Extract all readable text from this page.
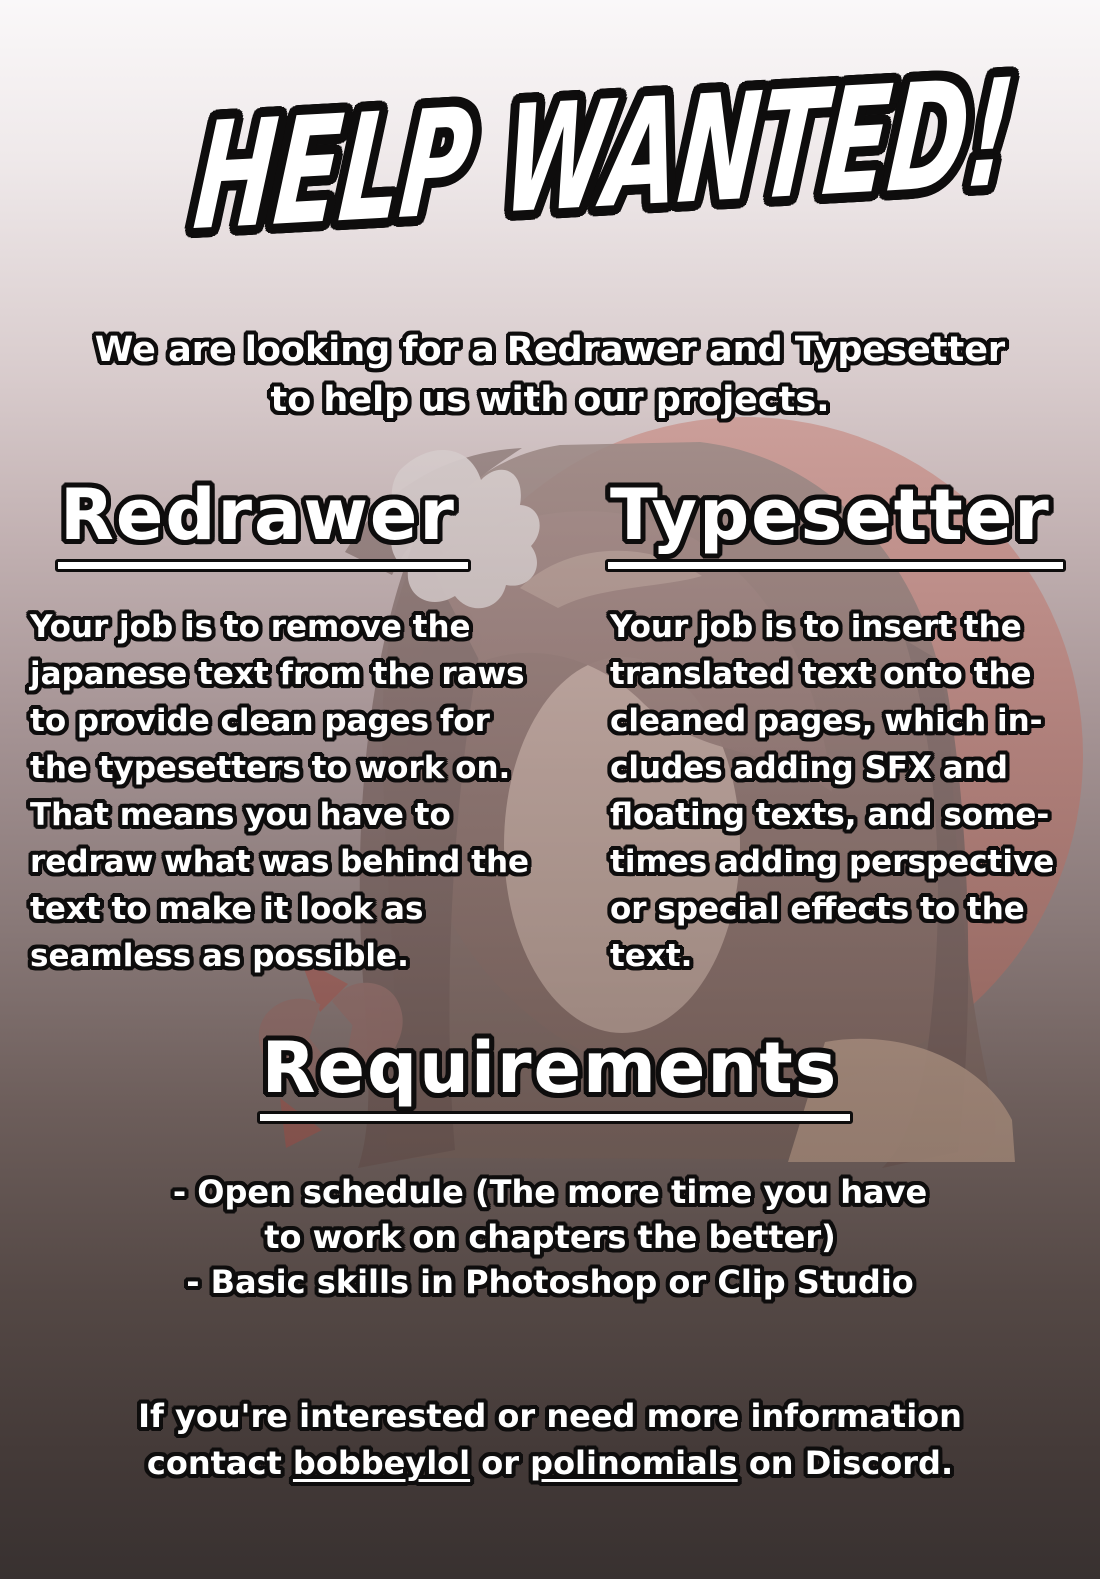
HELP WANTED!
We are looking for a Redrawer and Typesetter
to help us with our projects.
Redrawer
Your job is to remove the
japanese text from the raws
to provide clean pages for
the typesetters to work on.
That means you have to
redraw what was behind the
text to make it look as
seamless as possible.
Typesetter
Your job is to insert the
translated text onto the
cleaned pages, which in-
cludes adding SFX and
floating texts, and some-
times adding perspective
or special effects to the
text.
Requirements
- Open schedule (The more time you have
to work on chapters the better)
- Basic skills in Photoshop or Clip Studio
If you're interested or need more information
contact bobbeylol or polinomials on Discord.
